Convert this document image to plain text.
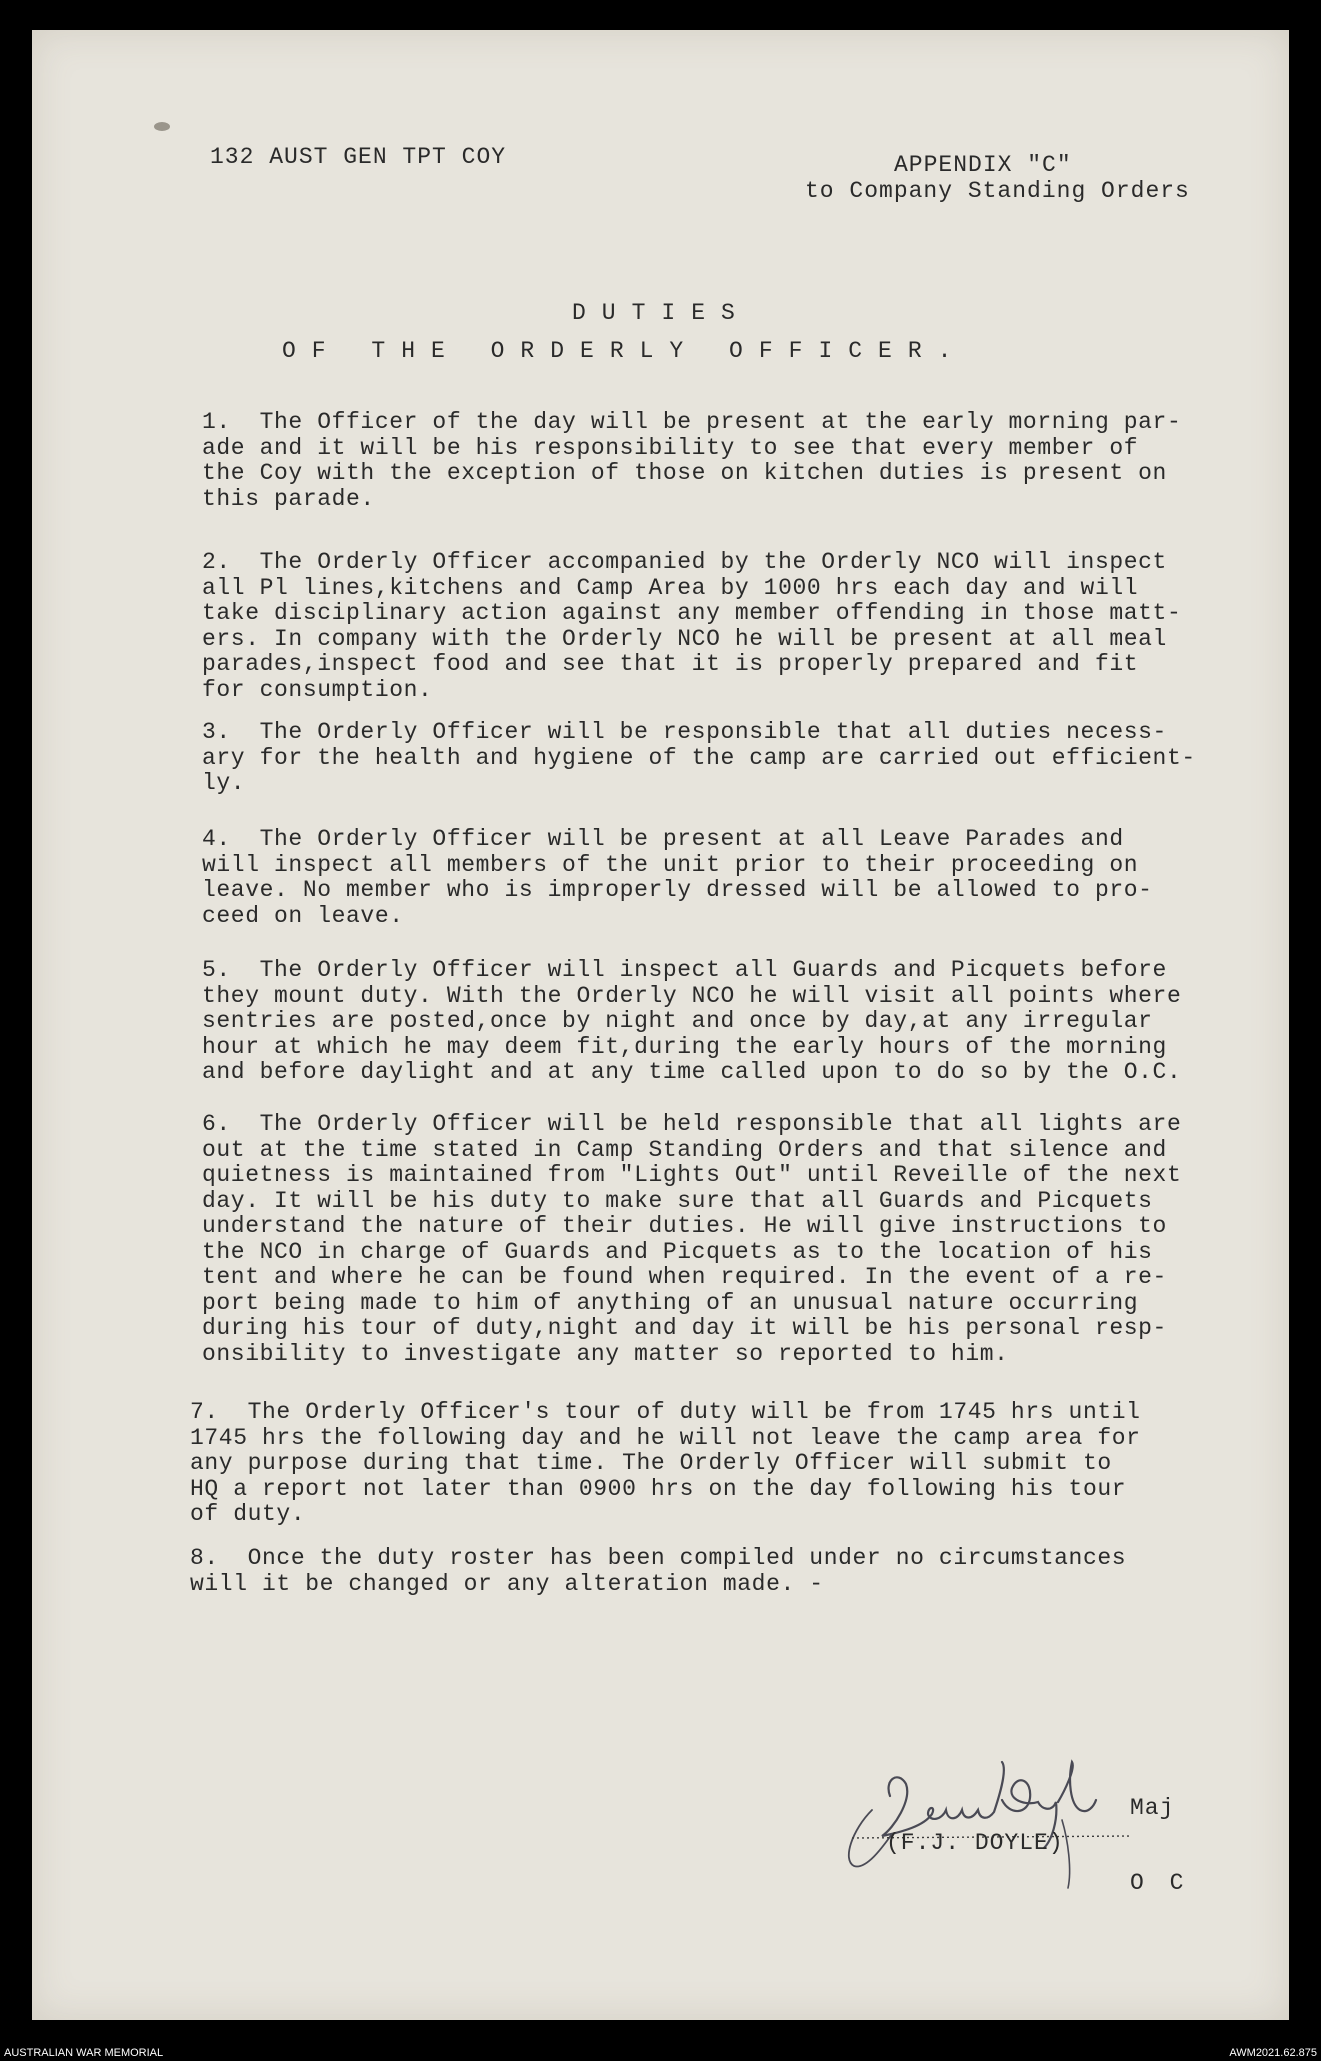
132 AUST GEN TPT COY	APPENDIX "C"
to Company Standing Orders
DUTIES
OF THE ORDERLY OFFICER.
1.  The Officer of the day will be present at the early morning par-
ade and it will be his responsibility to see that every member of
the Coy with the exception of those on kitchen duties is present on
this parade.
2.  The Orderly Officer accompanied by the Orderly NCO will inspect
all Pl lines,kitchens and Camp Area by 1000 hrs each day and will
take disciplinary action against any member offending in those matt-
ers. In company with the Orderly NCO he will be present at all meal
parades,inspect food and see that it is properly prepared and fit
for consumption.
3.  The Orderly Officer will be responsible that all duties necess-
ary for the health and hygiene of the camp are carried out efficient-
ly.
4.  The Orderly Officer will be present at all Leave Parades and
will inspect all members of the unit prior to their proceeding on
leave. No member who is improperly dressed will be allowed to pro-
ceed on leave.
5.  The Orderly Officer will inspect all Guards and Picquets before
they mount duty. With the Orderly NCO he will visit all points where
sentries are posted,once by night and once by day,at any irregular
hour at which he may deem fit,during the early hours of the morning
and before daylight and at any time called upon to do so by the O.C.
6.  The Orderly Officer will be held responsible that all lights are
out at the time stated in Camp Standing Orders and that silence and
quietness is maintained from "Lights Out" until Reveille of the next
day. It will be his duty to make sure that all Guards and Picquets
understand the nature of their duties. He will give instructions to
the NCO in charge of Guards and Picquets as to the location of his
tent and where he can be found when required. In the event of a re-
port being made to him of anything of an unusual nature occurring
during his tour of duty,night and day it will be his personal resp-
onsibility to investigate any matter so reported to him.
7.  The Orderly Officer's tour of duty will be from 1745 hrs until
1745 hrs the following day and he will not leave the camp area for
any purpose during that time. The Orderly Officer will submit to
HQ a report not later than 0900 hrs on the day following his tour
of duty.
8.  Once the duty roster has been compiled under no circumstances
will it be changed or any alteration made. -
Maj
(F.J. DOYLE)
O C
AUSTRALIAN WAR MEMORIAL	AWM2021.62.875
